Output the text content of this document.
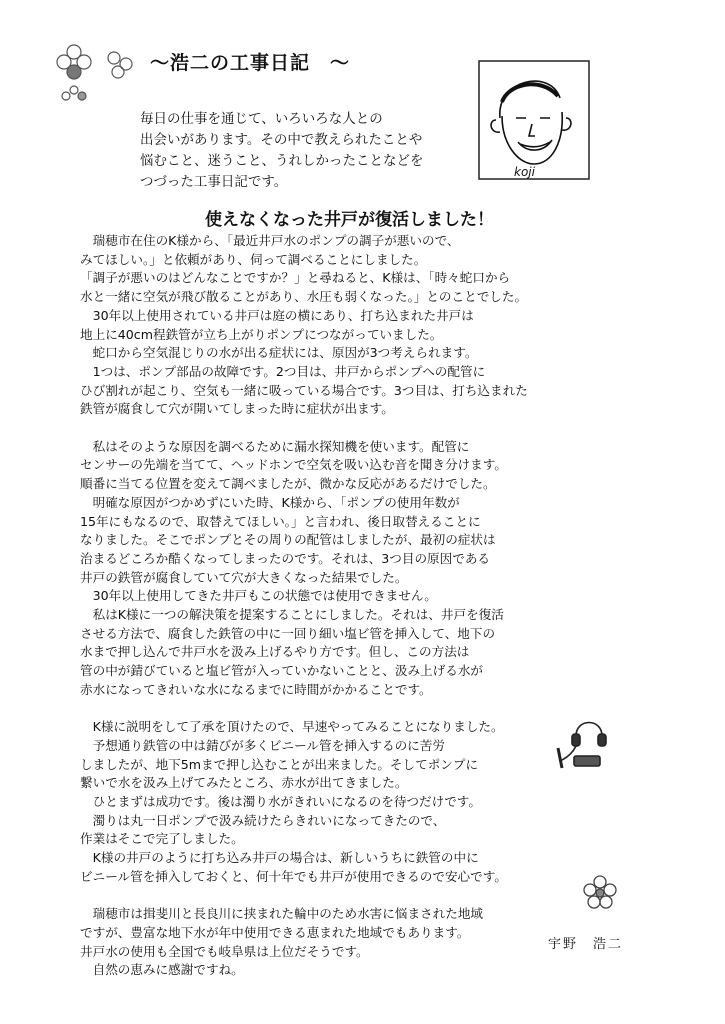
～浩二の工事日記　～
毎日の仕事を通じて、いろいろな人との
出会いがあります。その中で教えられたことや
悩むこと、迷うこと、うれしかったことなどを
つづった工事日記です。
koji
使えなくなった井戸が復活しました！
　瑞穂市在住のK様から、「最近井戸水のポンプの調子が悪いので、
みてほしい。」と依頼があり、伺って調べることにしました。
「調子が悪いのはどんなことですか？」と尋ねると、K様は、「時々蛇口から
水と一緒に空気が飛び散ることがあり、水圧も弱くなった。」とのことでした。
　30年以上使用されている井戸は庭の横にあり、打ち込まれた井戸は
地上に40cm程鉄管が立ち上がりポンプにつながっていました。
　蛇口から空気混じりの水が出る症状には、原因が3つ考えられます。
　1つは、ポンプ部品の故障です。2つ目は、井戸からポンプへの配管に
ひび割れが起こり、空気も一緒に吸っている場合です。3つ目は、打ち込まれた
鉄管が腐食して穴が開いてしまった時に症状が出ます。
　私はそのような原因を調べるために漏水探知機を使います。配管に
センサーの先端を当てて、ヘッドホンで空気を吸い込む音を聞き分けます。
順番に当てる位置を変えて調べましたが、微かな反応があるだけでした。
　明確な原因がつかめずにいた時、K様から、「ポンプの使用年数が
15年にもなるので、取替えてほしい。」と言われ、後日取替えることに
なりました。そこでポンプとその周りの配管はしましたが、最初の症状は
治まるどころか酷くなってしまったのです。それは、3つ目の原因である
井戸の鉄管が腐食していて穴が大きくなった結果でした。
　30年以上使用してきた井戸もこの状態では使用できません。
　私はK様に一つの解決策を提案することにしました。それは、井戸を復活
させる方法で、腐食した鉄管の中に一回り細い塩ビ管を挿入して、地下の
水まで押し込んで井戸水を汲み上げるやり方です。但し、この方法は
管の中が錆びていると塩ビ管が入っていかないことと、汲み上げる水が
赤水になってきれいな水になるまでに時間がかかることです。
　K様に説明をして了承を頂けたので、早速やってみることになりました。
　予想通り鉄管の中は錆びが多くビニール管を挿入するのに苦労
しましたが、地下5mまで押し込むことが出来ました。そしてポンプに
繋いで水を汲み上げてみたところ、赤水が出てきました。
　ひとまずは成功です。後は濁り水がきれいになるのを待つだけです。
　濁りは丸一日ポンプで汲み続けたらきれいになってきたので、
作業はそこで完了しました。
　K様の井戸のように打ち込み井戸の場合は、新しいうちに鉄管の中に
ビニール管を挿入しておくと、何十年でも井戸が使用できるので安心です。
　瑞穂市は揖斐川と長良川に挟まれた輪中のため水害に悩まされた地域
ですが、豊富な地下水が年中使用できる恵まれた地域でもあります。
井戸水の使用も全国でも岐阜県は上位だそうです。
　自然の恵みに感謝ですね。
宇野　浩二
